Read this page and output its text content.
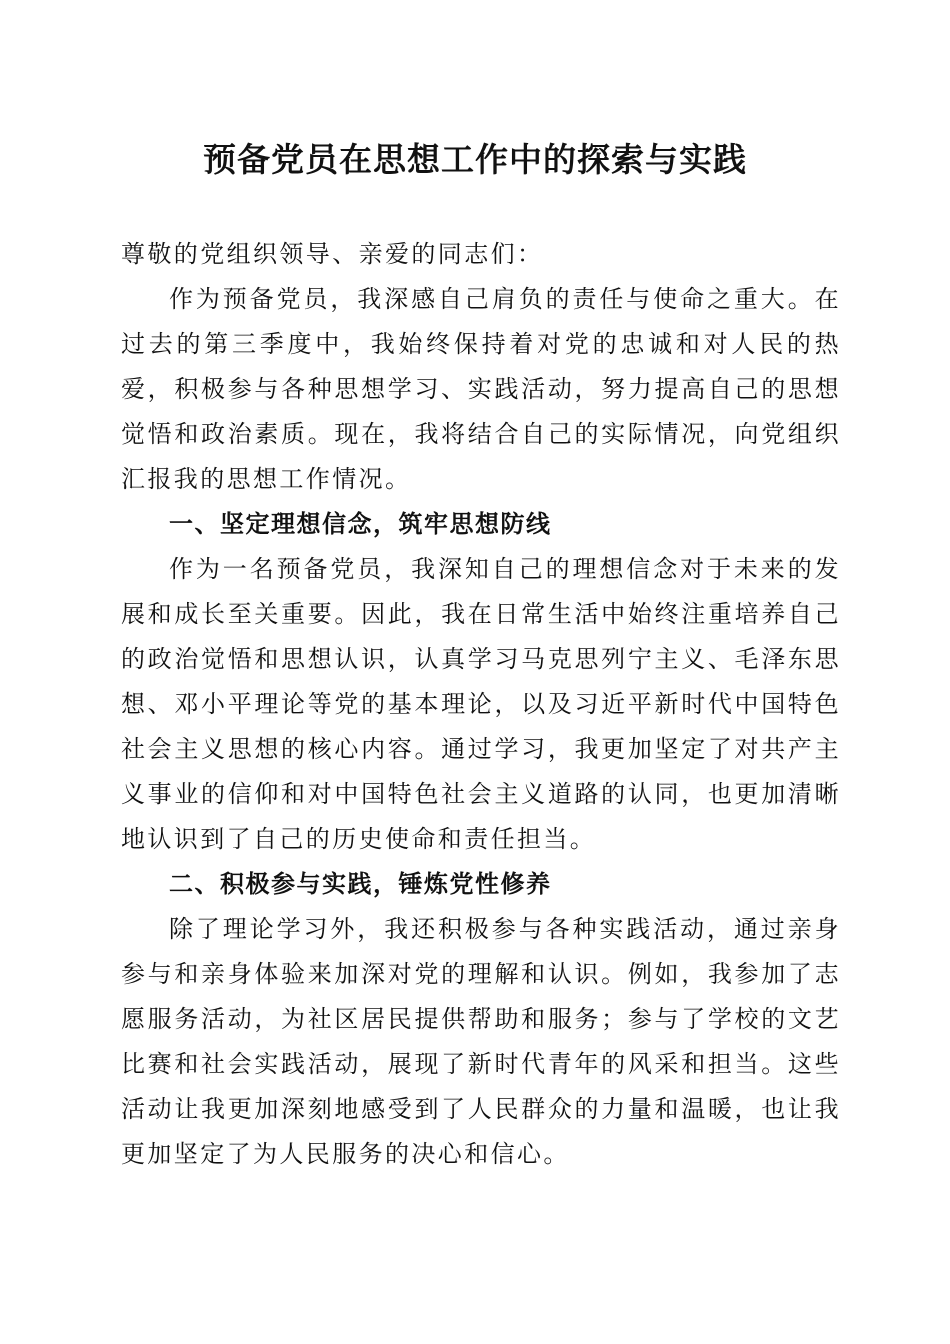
预备党员在思想工作中的探索与实践

尊敬的党组织领导、亲爱的同志们：

作为预备党员，我深感自己肩负的责任与使命之重大。在过去的第三季度中，我始终保持着对党的忠诚和对人民的热爱，积极参与各种思想学习、实践活动，努力提高自己的思想觉悟和政治素质。现在，我将结合自己的实际情况，向党组织汇报我的思想工作情况。

一、坚定理想信念，筑牢思想防线

作为一名预备党员，我深知自己的理想信念对于未来的发展和成长至关重要。因此，我在日常生活中始终注重培养自己的政治觉悟和思想认识，认真学习马克思列宁主义、毛泽东思想、邓小平理论等党的基本理论，以及习近平新时代中国特色社会主义思想的核心内容。通过学习，我更加坚定了对共产主义事业的信仰和对中国特色社会主义道路的认同，也更加清晰地认识到了自己的历史使命和责任担当。

二、积极参与实践，锤炼党性修养

除了理论学习外，我还积极参与各种实践活动，通过亲身参与和亲身体验来加深对党的理解和认识。例如，我参加了志愿服务活动，为社区居民提供帮助和服务；参与了学校的文艺比赛和社会实践活动，展现了新时代青年的风采和担当。这些活动让我更加深刻地感受到了人民群众的力量和温暖，也让我更加坚定了为人民服务的决心和信心。
